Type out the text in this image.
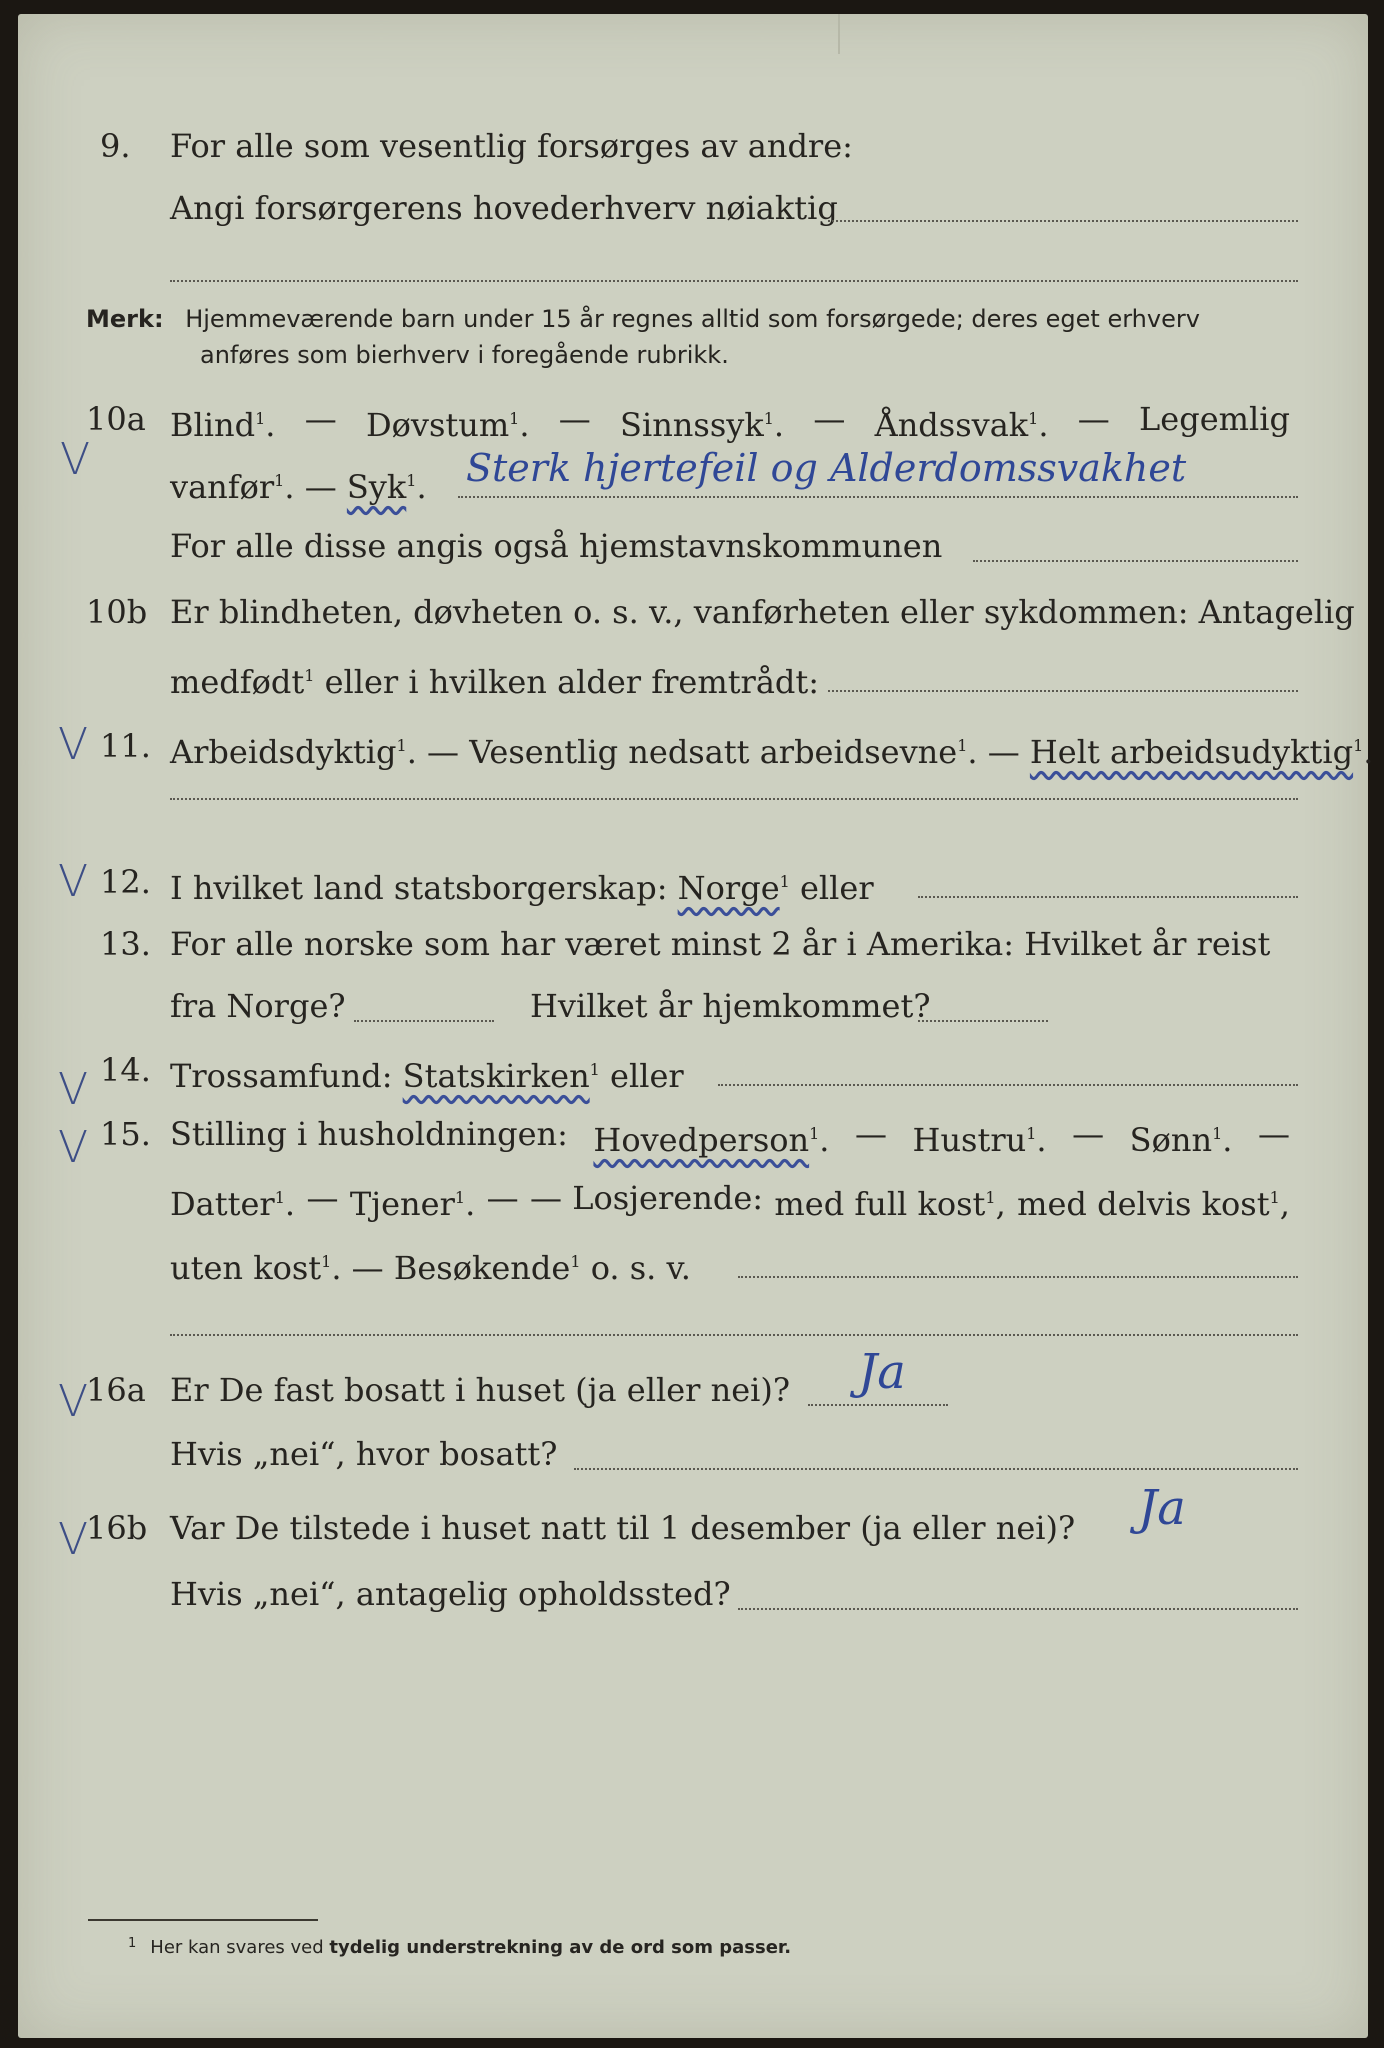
9. For alle som vesentlig forsørges av andre:
Angi forsørgerens hovederhverv nøiaktig
Merk: Hjemmeværende barn under 15 år regnes alltid som forsørgede; deres eget erhverv
anføres som bierhverv i foregående rubrikk.
V
10a Blind$^1$. — Døvstum$^1$. — Sinnssyk$^1$. — Åndssvak$^1$. — Legemlig
vanfør$^1$. — Syk$^1$. Sterk hjertefeil og Alderdomssvakhet
For alle disse angis også hjemstavnskommunen
10b Er blindheten, døvheten o. s. v., vanførheten eller sykdommen: Antagelig
medfødt$^1$ eller i hvilken alder fremtrådt:
V 11. Arbeidsdyktig$^1$. — Vesentlig nedsatt arbeidsevne$^1$. — Helt arbeidsudyktig$^1$.
V 12. I hvilket land statsborgerskap: Norge$^1$ eller
13. For alle norske som har været minst 2 år i Amerika: Hvilket år reist
fra Norge?	Hvilket år hjemkommet?
V 14. Trossamfund: Statskirken$^1$ eller
V 15. Stilling i husholdningen: Hovedperson$^1$. — Hustru$^1$. — Sønn$^1$. —
Datter$^1$. — Tjener$^1$. — — Losjerende: med full kost$^1$, med delvis kost$^1$,
uten kost$^1$. — Besøkende$^1$ o. s. v.
V
16a Er De fast bosatt i huset (ja eller nei)? Ja
Hvis „nei“, hvor bosatt?
V
16b Var De tilstede i huset natt til 1 desember (ja eller nei)? Ja
Hvis „nei“, antagelig opholdssted?
$^1$ Her kan svares ved tydelig understrekning av de ord som passer.
